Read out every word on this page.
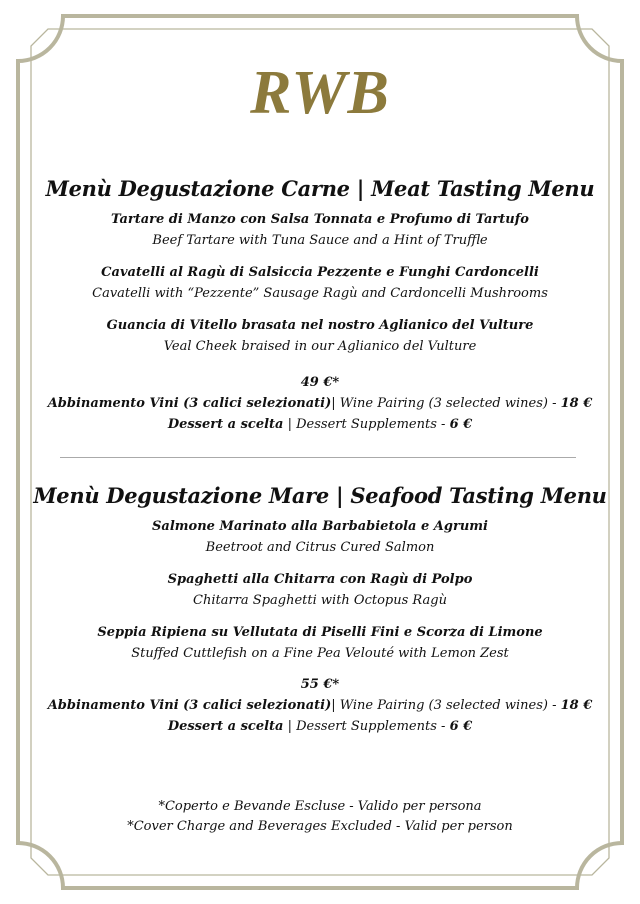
RWB
Menù Degustazione Carne | Meat Tasting Menu
Tartare di Manzo con Salsa Tonnata e Profumo di Tartufo
Beef Tartare with Tuna Sauce and a Hint of Truffle
Cavatelli al Ragù di Salsiccia Pezzente e Funghi Cardoncelli
Cavatelli with “Pezzente” Sausage Ragù and Cardoncelli Mushrooms
Guancia di Vitello brasata nel nostro Aglianico del Vulture
Veal Cheek braised in our Aglianico del Vulture
49 €*
Abbinamento Vini (3 calici selezionati)| Wine Pairing (3 selected wines) - 18 €
Dessert a scelta | Dessert Supplements - 6 €
Menù Degustazione Mare | Seafood Tasting Menu
Salmone Marinato alla Barbabietola e Agrumi
Beetroot and Citrus Cured Salmon
Spaghetti alla Chitarra con Ragù di Polpo
Chitarra Spaghetti with Octopus Ragù
Seppia Ripiena su Vellutata di Piselli Fini e Scorza di Limone
Stuffed Cuttlefish on a Fine Pea Velouté with Lemon Zest
55 €*
Abbinamento Vini (3 calici selezionati)| Wine Pairing (3 selected wines) - 18 €
Dessert a scelta | Dessert Supplements - 6 €
*Coperto e Bevande Escluse - Valido per persona
*Cover Charge and Beverages Excluded - Valid per person
